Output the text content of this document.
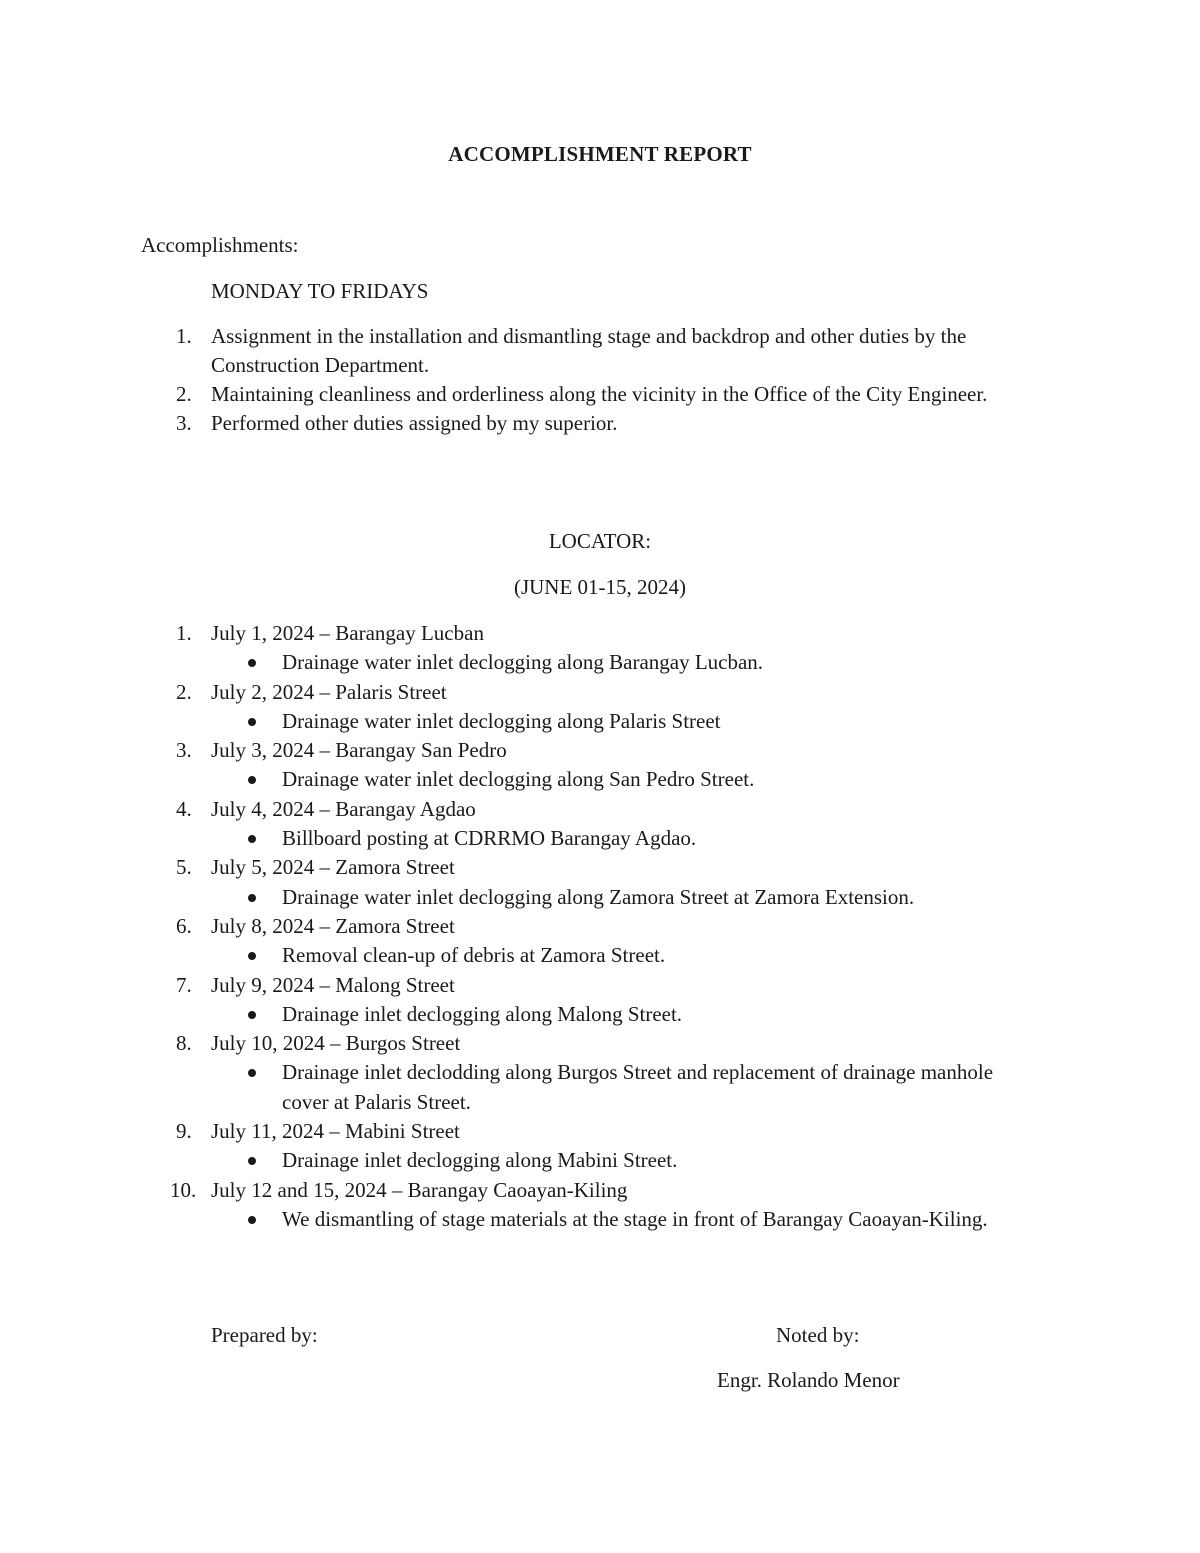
ACCOMPLISHMENT REPORT
Accomplishments:
MONDAY TO FRIDAYS
1. Assignment in the installation and dismantling stage and backdrop and other duties by the Construction Department.
2. Maintaining cleanliness and orderliness along the vicinity in the Office of the City Engineer.
3. Performed other duties assigned by my superior.
LOCATOR:
(JUNE 01-15, 2024)
1. July 1, 2024 – Barangay Lucban
Drainage water inlet declogging along Barangay Lucban.
2. July 2, 2024 – Palaris Street
Drainage water inlet declogging along Palaris Street
3. July 3, 2024 – Barangay San Pedro
Drainage water inlet declogging along San Pedro Street.
4. July 4, 2024 – Barangay Agdao
Billboard posting at CDRRMO Barangay Agdao.
5. July 5, 2024 – Zamora Street
Drainage water inlet declogging along Zamora Street at Zamora Extension.
6. July 8, 2024 – Zamora Street
Removal clean-up of debris at Zamora Street.
7. July 9, 2024 – Malong Street
Drainage inlet declogging along Malong Street.
8. July 10, 2024 – Burgos Street
Drainage inlet declodding along Burgos Street and replacement of drainage manhole cover at Palaris Street.
9. July 11, 2024 – Mabini Street
Drainage inlet declogging along Mabini Street.
10. July 12 and 15, 2024 – Barangay Caoayan-Kiling
We dismantling of stage materials at the stage in front of Barangay Caoayan-Kiling.
Prepared by:	Noted by:
Engr. Rolando Menor
